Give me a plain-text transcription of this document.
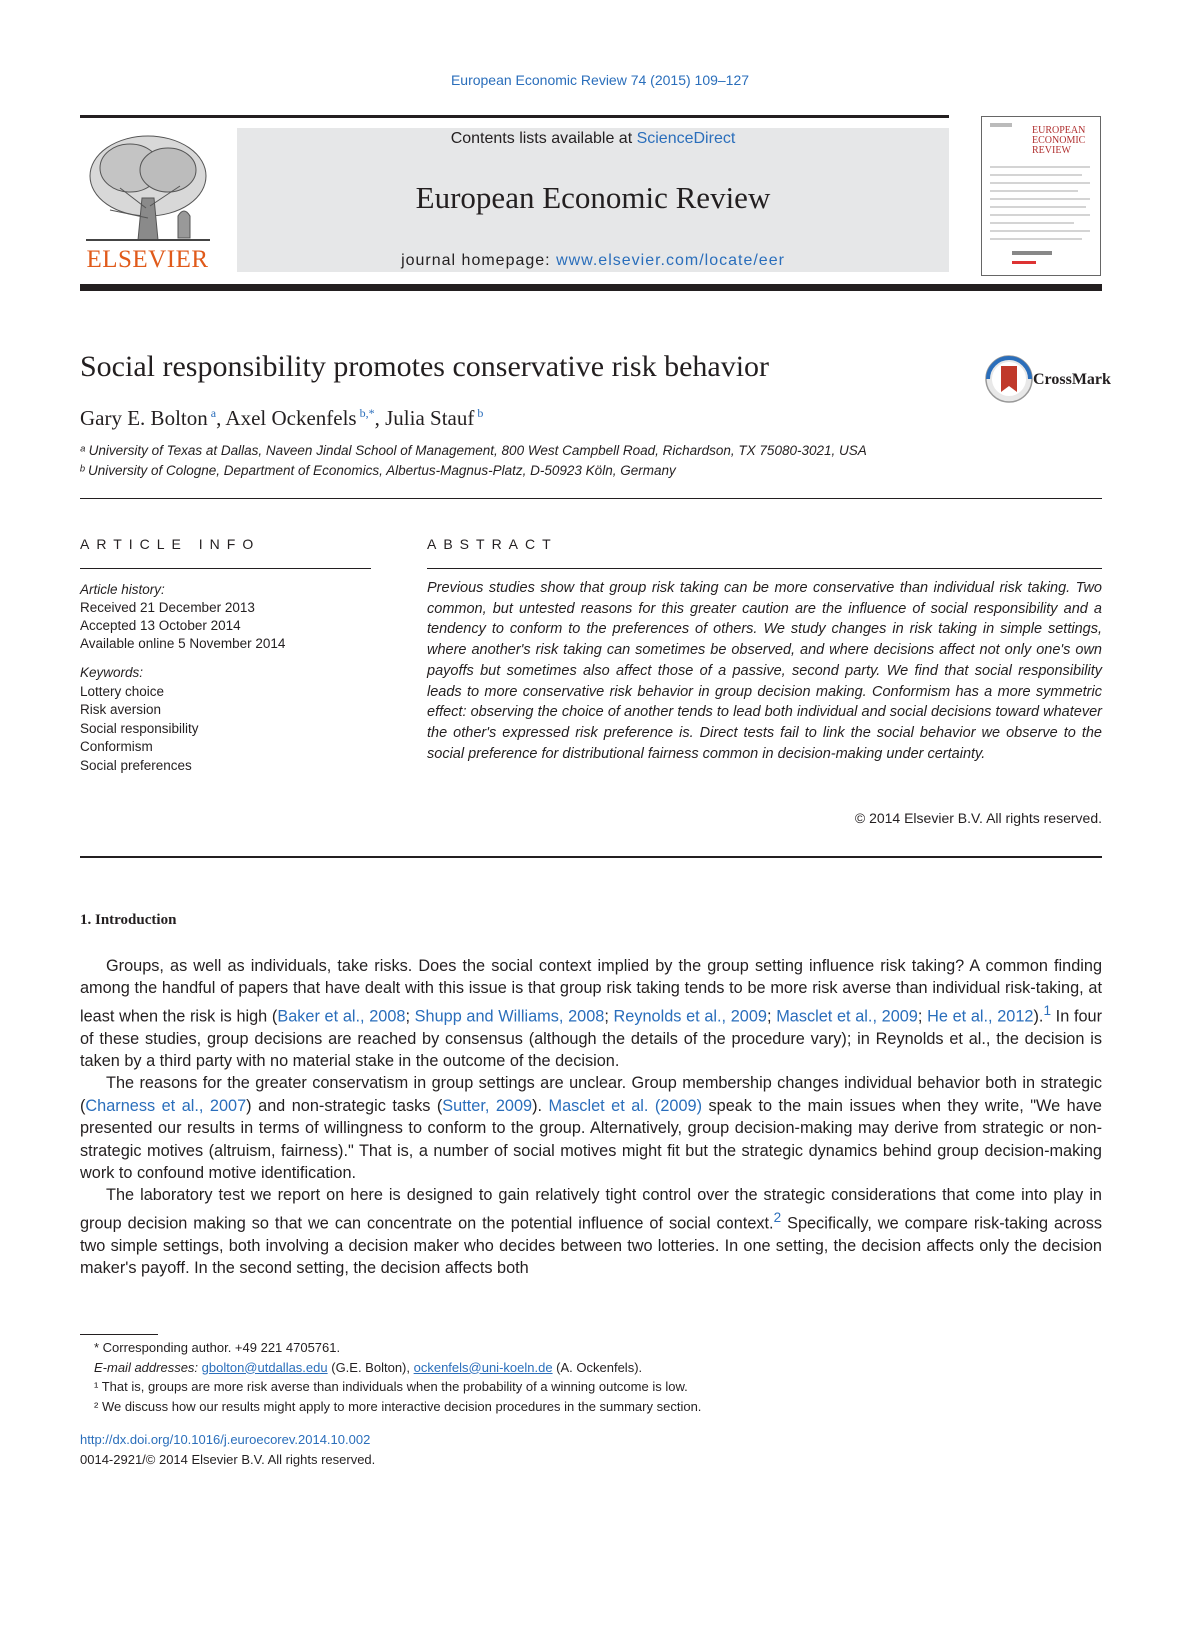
European Economic Review 74 (2015) 109–127
ELSEVIER
Contents lists available at ScienceDirect
European Economic Review
journal homepage: www.elsevier.com/locate/eer
EUROPEAN
ECONOMIC
REVIEW
Social responsibility promotes conservative risk behavior	CrossMark
Gary E. Bolton $^a$, Axel Ockenfels $^{b,*}$, Julia Stauf $^b$
ᵃ University of Texas at Dallas, Naveen Jindal School of Management, 800 West Campbell Road, Richardson, TX 75080-3021, USA
ᵇ University of Cologne, Department of Economics, Albertus-Magnus-Platz, D-50923 Köln, Germany
ARTICLE INFO
Article history:
Received 21 December 2013
Accepted 13 October 2014
Available online 5 November 2014
Keywords:
Lottery choice
Risk aversion
Social responsibility
Conformism
Social preferences
ABSTRACT
Previous studies show that group risk taking can be more conservative than individual risk taking. Two common, but untested reasons for this greater caution are the influence of social responsibility and a tendency to conform to the preferences of others. We study changes in risk taking in simple settings, where another's risk taking can sometimes be observed, and where decisions affect not only one's own payoffs but sometimes also affect those of a passive, second party. We find that social responsibility leads to more conservative risk behavior in group decision making. Conformism has a more symmetric effect: observing the choice of another tends to lead both individual and social decisions toward whatever the other's expressed risk preference is. Direct tests fail to link the social behavior we observe to the social preference for distributional fairness common in decision-making under certainty.
© 2014 Elsevier B.V. All rights reserved.
1. Introduction

Groups, as well as individuals, take risks. Does the social context implied by the group setting influence risk taking? A common finding among the handful of papers that have dealt with this issue is that group risk taking tends to be more risk averse than individual risk-taking, at least when the risk is high (Baker et al., 2008; Shupp and Williams, 2008; Reynolds et al., 2009; Masclet et al., 2009; He et al., 2012).$^1$ In four of these studies, group decisions are reached by consensus (although the details of the procedure vary); in Reynolds et al., the decision is taken by a third party with no material stake in the outcome of the decision.

The reasons for the greater conservatism in group settings are unclear. Group membership changes individual behavior both in strategic (Charness et al., 2007) and non-strategic tasks (Sutter, 2009). Masclet et al. (2009) speak to the main issues when they write, "We have presented our results in terms of willingness to conform to the group. Alternatively, group decision-making may derive from strategic or non-strategic motives (altruism, fairness)." That is, a number of social motives might fit but the strategic dynamics behind group decision-making work to confound motive identification.

The laboratory test we report on here is designed to gain relatively tight control over the strategic considerations that come into play in group decision making so that we can concentrate on the potential influence of social context.$^2$ Specifically, we compare risk-taking across two simple settings, both involving a decision maker who decides between two lotteries. In one setting, the decision affects only the decision maker's payoff. In the second setting, the decision affects both

* Corresponding author. +49 221 4705761.
E-mail addresses: gbolton@utdallas.edu (G.E. Bolton), ockenfels@uni-koeln.de (A. Ockenfels).
¹ That is, groups are more risk averse than individuals when the probability of a winning outcome is low.
² We discuss how our results might apply to more interactive decision procedures in the summary section.
http://dx.doi.org/10.1016/j.euroecorev.2014.10.002
0014-2921/© 2014 Elsevier B.V. All rights reserved.
